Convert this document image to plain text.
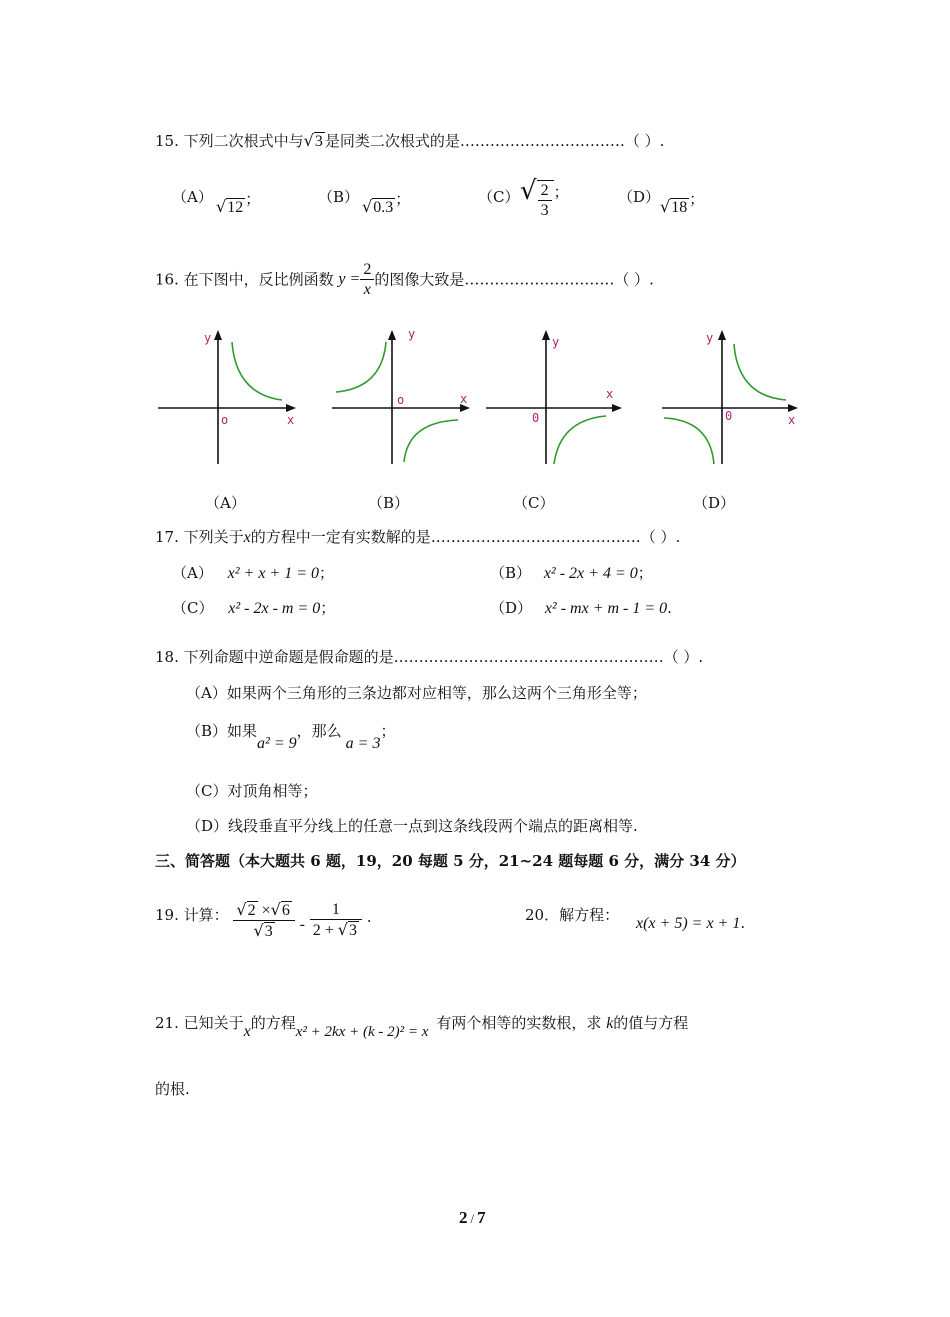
15. 下列二次根式中与√3 是同类二次根式的是……………………………（ ）.
（A） √12 ；	（B） √0.3 ；	（C） √ $\frac{2}{3}$ ；	（D） √18 ；
16. 在下图中，反比例函数 $y = \frac{2}{x}$ 的图像大致是…………………………（ ）.
y
x
o
y
x
o
y
x
0
y
x
0
（A）	（B）	（C）	（D）
17. 下列关于x的方程中一定有实数解的是……………………………………（ ）.
（A） x² + x + 1 = 0；	（B） x² - 2x + 4 = 0；
（C） x² - 2x - m = 0；	（D） x² - mx + m - 1 = 0.
18. 下列命题中逆命题是假命题的是………………………………………………（ ）.
（A）如果两个三角形的三条边都对应相等，那么这两个三角形全等；
（B）如果a² = 9，那么a = 3；
（C）对顶角相等；
（D）线段垂直平分线上的任意一点到这条线段两个端点的距离相等.
三、简答题（本大题共 6 题，19，20 每题 5 分，21~24 题每题 6 分，满分 34 分）
19. 计算： $\frac{√2 \times√6}{√3} - \frac{1}{2 + √3}$ .	20．解方程： x(x + 5) = x + 1.
21. 已知关于x的方程x² + 2kx + (k - 2)² = x 有两个相等的实数根，求 k的值与方程
的根.
2 / 7
